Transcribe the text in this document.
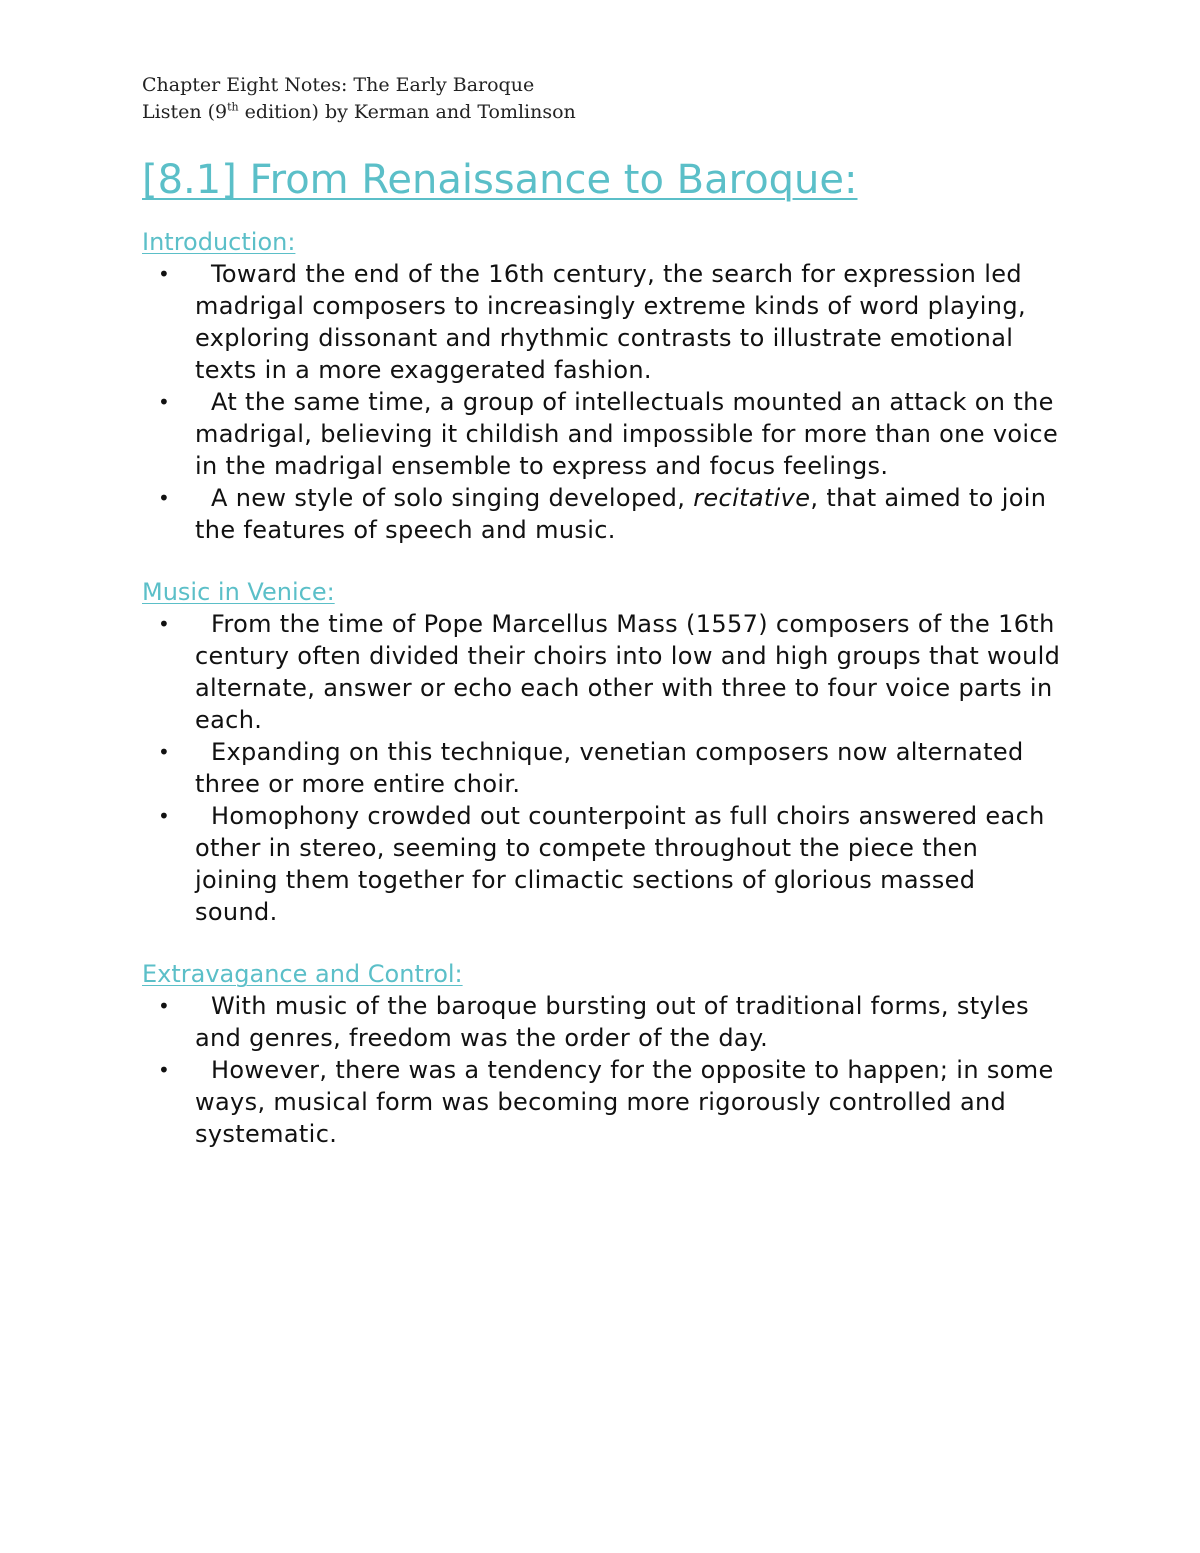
Chapter Eight Notes: The Early Baroque
Listen (9th edition) by Kerman and Tomlinson
[8.1] From Renaissance to Baroque:
Introduction:
• Toward the end of the 16th century, the search for expression led madrigal composers to increasingly extreme kinds of word playing, exploring dissonant and rhythmic contrasts to illustrate emotional texts in a more exaggerated fashion.
• At the same time, a group of intellectuals mounted an attack on the madrigal, believing it childish and impossible for more than one voice in the madrigal ensemble to express and focus feelings.
• A new style of solo singing developed, recitative, that aimed to join the features of speech and music.
Music in Venice:
• From the time of Pope Marcellus Mass (1557) composers of the 16th century often divided their choirs into low and high groups that would alternate, answer or echo each other with three to four voice parts in each.
• Expanding on this technique, venetian composers now alternated three or more entire choir.
• Homophony crowded out counterpoint as full choirs answered each other in stereo, seeming to compete throughout the piece then joining them together for climactic sections of glorious massed sound.
Extravagance and Control:
• With music of the baroque bursting out of traditional forms, styles and genres, freedom was the order of the day.
• However, there was a tendency for the opposite to happen; in some ways, musical form was becoming more rigorously controlled and systematic.
